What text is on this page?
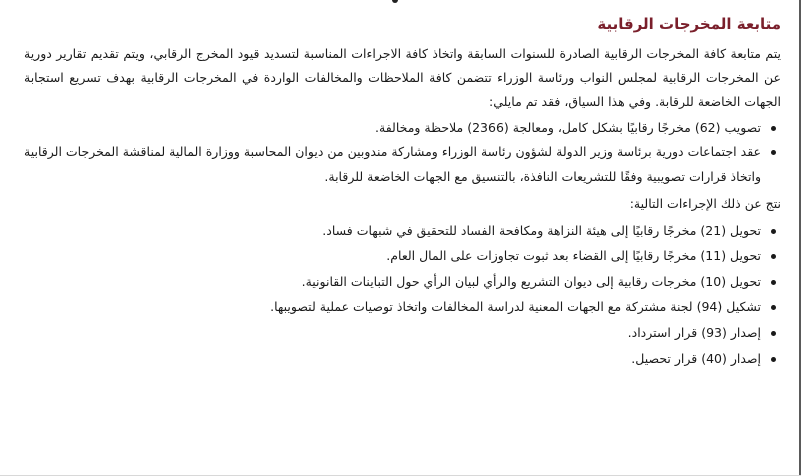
متابعة المخرجات الرقابية

يتم متابعة كافة المخرجات الرقابية الصادرة للسنوات السابقة واتخاذ كافة الاجراءات المناسبة لتسديد قيود المخرج الرقابي، ويتم تقديم تقارير دورية عن المخرجات الرقابية لمجلس النواب ورئاسة الوزراء تتضمن كافة الملاحظات والمخالفات الواردة في المخرجات الرقابية بهدف تسريع استجابة الجهات الخاضعة للرقابة. وفي هذا السياق، فقد تم مايلي:

تصويب (62) مخرجًا رقابيًا بشكل كامل، ومعالجة (2366) ملاحظة ومخالفة.
عقد اجتماعات دورية برئاسة وزير الدولة لشؤون رئاسة الوزراء ومشاركة مندوبين من ديوان المحاسبة ووزارة المالية لمناقشة المخرجات الرقابية واتخاذ قرارات تصويبية وفقًا للتشريعات النافذة، بالتنسيق مع الجهات الخاضعة للرقابة.

نتج عن ذلك الإجراءات التالية:

تحويل (21) مخرجًا رقابيًا إلى هيئة النزاهة ومكافحة الفساد للتحقيق في شبهات فساد.
تحويل (11) مخرجًا رقابيًا إلى القضاء بعد ثبوت تجاوزات على المال العام.
تحويل (10) مخرجات رقابية إلى ديوان التشريع والرأي لبيان الرأي حول التباينات القانونية.
تشكيل (94) لجنة مشتركة مع الجهات المعنية لدراسة المخالفات واتخاذ توصيات عملية لتصويبها.
إصدار (93) قرار استرداد.
إصدار (40) قرار تحصيل.
